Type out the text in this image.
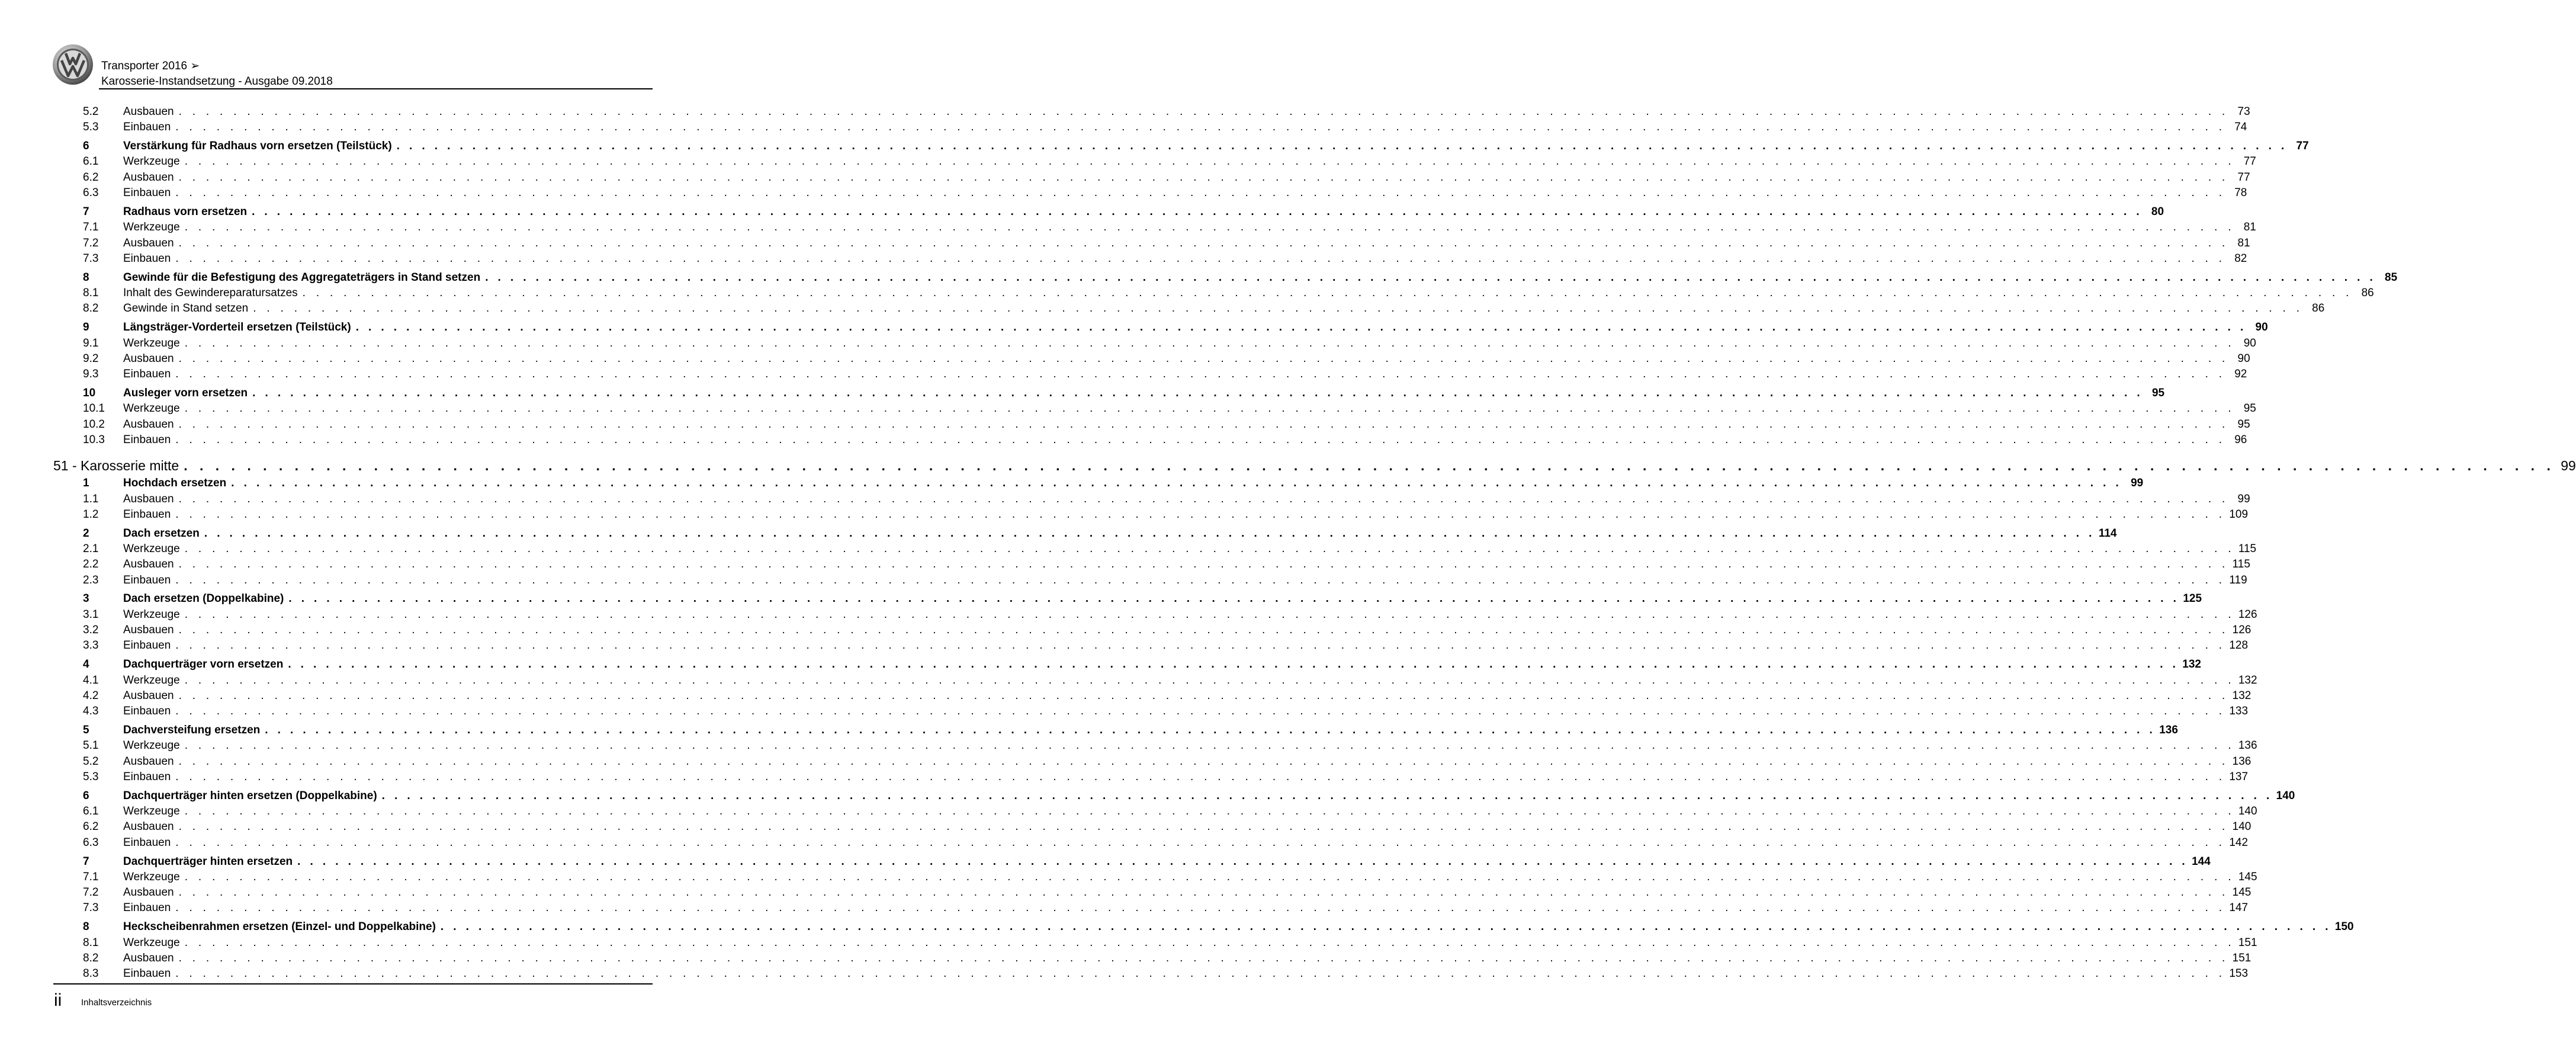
Transporter 2016 ➢
Karosserie-Instandsetzung - Ausgabe 09.2018
5.2	Ausbauen . . . . . . . . . . . . . . . . . . . . . . . . . . . . . . . . . . . . . . . . . . . . . . . . . . . . . . . . . . . . . . . . . . . . . . . . . . . . . . . . . . . . . . . . . . . . . . . . . . . . . . . . . . . . . . . . . . . . . . . . . . . . . . . . . . . . . . . . . . . . . . . . . . . . . . 73
5.3	Einbauen . . . . . . . . . . . . . . . . . . . . . . . . . . . . . . . . . . . . . . . . . . . . . . . . . . . . . . . . . . . . . . . . . . . . . . . . . . . . . . . . . . . . . . . . . . . . . . . . . . . . . . . . . . . . . . . . . . . . . . . . . . . . . . . . . . . . . . . . . . . . . . . . . . . . . . 74
6	Verstärkung für Radhaus vorn ersetzen (Teilstück) . . . . . . . . . . . . . . . . . . . . . . . . . . . . . . . . . . . . . . . . . . . . . . . . . . . . . . . . . . . . . . . . . . . . . . . . . . . . . . . . . . . . . . . . . . . . . . . . . . . . . . . . . . . . . . . . . . . . . . . . . . . . . . . . . . . . . . . . . . . . . . . . . . . . . . 77
6.1	Werkzeuge . . . . . . . . . . . . . . . . . . . . . . . . . . . . . . . . . . . . . . . . . . . . . . . . . . . . . . . . . . . . . . . . . . . . . . . . . . . . . . . . . . . . . . . . . . . . . . . . . . . . . . . . . . . . . . . . . . . . . . . . . . . . . . . . . . . . . . . . . . . . . . . . . . . . . . 77
6.2	Ausbauen . . . . . . . . . . . . . . . . . . . . . . . . . . . . . . . . . . . . . . . . . . . . . . . . . . . . . . . . . . . . . . . . . . . . . . . . . . . . . . . . . . . . . . . . . . . . . . . . . . . . . . . . . . . . . . . . . . . . . . . . . . . . . . . . . . . . . . . . . . . . . . . . . . . . . . 77
6.3	Einbauen . . . . . . . . . . . . . . . . . . . . . . . . . . . . . . . . . . . . . . . . . . . . . . . . . . . . . . . . . . . . . . . . . . . . . . . . . . . . . . . . . . . . . . . . . . . . . . . . . . . . . . . . . . . . . . . . . . . . . . . . . . . . . . . . . . . . . . . . . . . . . . . . . . . . . . 78
7	Radhaus vorn ersetzen . . . . . . . . . . . . . . . . . . . . . . . . . . . . . . . . . . . . . . . . . . . . . . . . . . . . . . . . . . . . . . . . . . . . . . . . . . . . . . . . . . . . . . . . . . . . . . . . . . . . . . . . . . . . . . . . . . . . . . . . . . . . . . . . . . . . . . . . . . . . . . . . . . . . . . 80
7.1	Werkzeuge . . . . . . . . . . . . . . . . . . . . . . . . . . . . . . . . . . . . . . . . . . . . . . . . . . . . . . . . . . . . . . . . . . . . . . . . . . . . . . . . . . . . . . . . . . . . . . . . . . . . . . . . . . . . . . . . . . . . . . . . . . . . . . . . . . . . . . . . . . . . . . . . . . . . . . 81
7.2	Ausbauen . . . . . . . . . . . . . . . . . . . . . . . . . . . . . . . . . . . . . . . . . . . . . . . . . . . . . . . . . . . . . . . . . . . . . . . . . . . . . . . . . . . . . . . . . . . . . . . . . . . . . . . . . . . . . . . . . . . . . . . . . . . . . . . . . . . . . . . . . . . . . . . . . . . . . . 81
7.3	Einbauen . . . . . . . . . . . . . . . . . . . . . . . . . . . . . . . . . . . . . . . . . . . . . . . . . . . . . . . . . . . . . . . . . . . . . . . . . . . . . . . . . . . . . . . . . . . . . . . . . . . . . . . . . . . . . . . . . . . . . . . . . . . . . . . . . . . . . . . . . . . . . . . . . . . . . . 82
8	Gewinde für die Befestigung des Aggregateträgers in Stand setzen . . . . . . . . . . . . . . . . . . . . . . . . . . . . . . . . . . . . . . . . . . . . . . . . . . . . . . . . . . . . . . . . . . . . . . . . . . . . . . . . . . . . . . . . . . . . . . . . . . . . . . . . . . . . . . . . . . . . . . . . . . . . . . . . . . . . . . . . . . . . . . . . . . . . . . 85
8.1	Inhalt des Gewindereparatursatzes . . . . . . . . . . . . . . . . . . . . . . . . . . . . . . . . . . . . . . . . . . . . . . . . . . . . . . . . . . . . . . . . . . . . . . . . . . . . . . . . . . . . . . . . . . . . . . . . . . . . . . . . . . . . . . . . . . . . . . . . . . . . . . . . . . . . . . . . . . . . . . . . . . . . . . 86
8.2	Gewinde in Stand setzen . . . . . . . . . . . . . . . . . . . . . . . . . . . . . . . . . . . . . . . . . . . . . . . . . . . . . . . . . . . . . . . . . . . . . . . . . . . . . . . . . . . . . . . . . . . . . . . . . . . . . . . . . . . . . . . . . . . . . . . . . . . . . . . . . . . . . . . . . . . . . . . . . . . . . . 86
9	Längsträger-Vorderteil ersetzen (Teilstück) . . . . . . . . . . . . . . . . . . . . . . . . . . . . . . . . . . . . . . . . . . . . . . . . . . . . . . . . . . . . . . . . . . . . . . . . . . . . . . . . . . . . . . . . . . . . . . . . . . . . . . . . . . . . . . . . . . . . . . . . . . . . . . . . . . . . . . . . . . . . . . . . . . . . . . 90
9.1	Werkzeuge . . . . . . . . . . . . . . . . . . . . . . . . . . . . . . . . . . . . . . . . . . . . . . . . . . . . . . . . . . . . . . . . . . . . . . . . . . . . . . . . . . . . . . . . . . . . . . . . . . . . . . . . . . . . . . . . . . . . . . . . . . . . . . . . . . . . . . . . . . . . . . . . . . . . . . 90
9.2	Ausbauen . . . . . . . . . . . . . . . . . . . . . . . . . . . . . . . . . . . . . . . . . . . . . . . . . . . . . . . . . . . . . . . . . . . . . . . . . . . . . . . . . . . . . . . . . . . . . . . . . . . . . . . . . . . . . . . . . . . . . . . . . . . . . . . . . . . . . . . . . . . . . . . . . . . . . . 90
9.3	Einbauen . . . . . . . . . . . . . . . . . . . . . . . . . . . . . . . . . . . . . . . . . . . . . . . . . . . . . . . . . . . . . . . . . . . . . . . . . . . . . . . . . . . . . . . . . . . . . . . . . . . . . . . . . . . . . . . . . . . . . . . . . . . . . . . . . . . . . . . . . . . . . . . . . . . . . . 92
10	Ausleger vorn ersetzen . . . . . . . . . . . . . . . . . . . . . . . . . . . . . . . . . . . . . . . . . . . . . . . . . . . . . . . . . . . . . . . . . . . . . . . . . . . . . . . . . . . . . . . . . . . . . . . . . . . . . . . . . . . . . . . . . . . . . . . . . . . . . . . . . . . . . . . . . . . . . . . . . . . . . . 95
10.1	Werkzeuge . . . . . . . . . . . . . . . . . . . . . . . . . . . . . . . . . . . . . . . . . . . . . . . . . . . . . . . . . . . . . . . . . . . . . . . . . . . . . . . . . . . . . . . . . . . . . . . . . . . . . . . . . . . . . . . . . . . . . . . . . . . . . . . . . . . . . . . . . . . . . . . . . . . . . . 95
10.2	Ausbauen . . . . . . . . . . . . . . . . . . . . . . . . . . . . . . . . . . . . . . . . . . . . . . . . . . . . . . . . . . . . . . . . . . . . . . . . . . . . . . . . . . . . . . . . . . . . . . . . . . . . . . . . . . . . . . . . . . . . . . . . . . . . . . . . . . . . . . . . . . . . . . . . . . . . . . 95
10.3	Einbauen . . . . . . . . . . . . . . . . . . . . . . . . . . . . . . . . . . . . . . . . . . . . . . . . . . . . . . . . . . . . . . . . . . . . . . . . . . . . . . . . . . . . . . . . . . . . . . . . . . . . . . . . . . . . . . . . . . . . . . . . . . . . . . . . . . . . . . . . . . . . . . . . . . . . . . 96
51 - Karosserie mitte . . . . . . . . . . . . . . . . . . . . . . . . . . . . . . . . . . . . . . . . . . . . . . . . . . . . . . . . . . . . . . . . . . . . . . . . . . . . . . . . . . . . . . . . . . . . . . . . . . . . . . . . . . . . . . . . . . . . . . . . . . . . . . . . . . . . . . . . . . . . . . . . . . . . . . 99
1	Hochdach ersetzen . . . . . . . . . . . . . . . . . . . . . . . . . . . . . . . . . . . . . . . . . . . . . . . . . . . . . . . . . . . . . . . . . . . . . . . . . . . . . . . . . . . . . . . . . . . . . . . . . . . . . . . . . . . . . . . . . . . . . . . . . . . . . . . . . . . . . . . . . . . . . . . . . . . . . . 99
1.1	Ausbauen . . . . . . . . . . . . . . . . . . . . . . . . . . . . . . . . . . . . . . . . . . . . . . . . . . . . . . . . . . . . . . . . . . . . . . . . . . . . . . . . . . . . . . . . . . . . . . . . . . . . . . . . . . . . . . . . . . . . . . . . . . . . . . . . . . . . . . . . . . . . . . . . . . . . . . 99
1.2	Einbauen . . . . . . . . . . . . . . . . . . . . . . . . . . . . . . . . . . . . . . . . . . . . . . . . . . . . . . . . . . . . . . . . . . . . . . . . . . . . . . . . . . . . . . . . . . . . . . . . . . . . . . . . . . . . . . . . . . . . . . . . . . . . . . . . . . . . . . . . . . . . . . . . . . . . . . 109
2	Dach ersetzen . . . . . . . . . . . . . . . . . . . . . . . . . . . . . . . . . . . . . . . . . . . . . . . . . . . . . . . . . . . . . . . . . . . . . . . . . . . . . . . . . . . . . . . . . . . . . . . . . . . . . . . . . . . . . . . . . . . . . . . . . . . . . . . . . . . . . . . . . . . . . . . . . . . . . . 114
2.1	Werkzeuge . . . . . . . . . . . . . . . . . . . . . . . . . . . . . . . . . . . . . . . . . . . . . . . . . . . . . . . . . . . . . . . . . . . . . . . . . . . . . . . . . . . . . . . . . . . . . . . . . . . . . . . . . . . . . . . . . . . . . . . . . . . . . . . . . . . . . . . . . . . . . . . . . . . . . . 115
2.2	Ausbauen . . . . . . . . . . . . . . . . . . . . . . . . . . . . . . . . . . . . . . . . . . . . . . . . . . . . . . . . . . . . . . . . . . . . . . . . . . . . . . . . . . . . . . . . . . . . . . . . . . . . . . . . . . . . . . . . . . . . . . . . . . . . . . . . . . . . . . . . . . . . . . . . . . . . . . 115
2.3	Einbauen . . . . . . . . . . . . . . . . . . . . . . . . . . . . . . . . . . . . . . . . . . . . . . . . . . . . . . . . . . . . . . . . . . . . . . . . . . . . . . . . . . . . . . . . . . . . . . . . . . . . . . . . . . . . . . . . . . . . . . . . . . . . . . . . . . . . . . . . . . . . . . . . . . . . . . 119
3	Dach ersetzen (Doppelkabine) . . . . . . . . . . . . . . . . . . . . . . . . . . . . . . . . . . . . . . . . . . . . . . . . . . . . . . . . . . . . . . . . . . . . . . . . . . . . . . . . . . . . . . . . . . . . . . . . . . . . . . . . . . . . . . . . . . . . . . . . . . . . . . . . . . . . . . . . . . . . . . . . . . . . . . 125
3.1	Werkzeuge . . . . . . . . . . . . . . . . . . . . . . . . . . . . . . . . . . . . . . . . . . . . . . . . . . . . . . . . . . . . . . . . . . . . . . . . . . . . . . . . . . . . . . . . . . . . . . . . . . . . . . . . . . . . . . . . . . . . . . . . . . . . . . . . . . . . . . . . . . . . . . . . . . . . . . 126
3.2	Ausbauen . . . . . . . . . . . . . . . . . . . . . . . . . . . . . . . . . . . . . . . . . . . . . . . . . . . . . . . . . . . . . . . . . . . . . . . . . . . . . . . . . . . . . . . . . . . . . . . . . . . . . . . . . . . . . . . . . . . . . . . . . . . . . . . . . . . . . . . . . . . . . . . . . . . . . . 126
3.3	Einbauen . . . . . . . . . . . . . . . . . . . . . . . . . . . . . . . . . . . . . . . . . . . . . . . . . . . . . . . . . . . . . . . . . . . . . . . . . . . . . . . . . . . . . . . . . . . . . . . . . . . . . . . . . . . . . . . . . . . . . . . . . . . . . . . . . . . . . . . . . . . . . . . . . . . . . . 128
4	Dachquerträger vorn ersetzen . . . . . . . . . . . . . . . . . . . . . . . . . . . . . . . . . . . . . . . . . . . . . . . . . . . . . . . . . . . . . . . . . . . . . . . . . . . . . . . . . . . . . . . . . . . . . . . . . . . . . . . . . . . . . . . . . . . . . . . . . . . . . . . . . . . . . . . . . . . . . . . . . . . . . . 132
4.1	Werkzeuge . . . . . . . . . . . . . . . . . . . . . . . . . . . . . . . . . . . . . . . . . . . . . . . . . . . . . . . . . . . . . . . . . . . . . . . . . . . . . . . . . . . . . . . . . . . . . . . . . . . . . . . . . . . . . . . . . . . . . . . . . . . . . . . . . . . . . . . . . . . . . . . . . . . . . . 132
4.2	Ausbauen . . . . . . . . . . . . . . . . . . . . . . . . . . . . . . . . . . . . . . . . . . . . . . . . . . . . . . . . . . . . . . . . . . . . . . . . . . . . . . . . . . . . . . . . . . . . . . . . . . . . . . . . . . . . . . . . . . . . . . . . . . . . . . . . . . . . . . . . . . . . . . . . . . . . . . 132
4.3	Einbauen . . . . . . . . . . . . . . . . . . . . . . . . . . . . . . . . . . . . . . . . . . . . . . . . . . . . . . . . . . . . . . . . . . . . . . . . . . . . . . . . . . . . . . . . . . . . . . . . . . . . . . . . . . . . . . . . . . . . . . . . . . . . . . . . . . . . . . . . . . . . . . . . . . . . . . 133
5	Dachversteifung ersetzen . . . . . . . . . . . . . . . . . . . . . . . . . . . . . . . . . . . . . . . . . . . . . . . . . . . . . . . . . . . . . . . . . . . . . . . . . . . . . . . . . . . . . . . . . . . . . . . . . . . . . . . . . . . . . . . . . . . . . . . . . . . . . . . . . . . . . . . . . . . . . . . . . . . . . . 136
5.1	Werkzeuge . . . . . . . . . . . . . . . . . . . . . . . . . . . . . . . . . . . . . . . . . . . . . . . . . . . . . . . . . . . . . . . . . . . . . . . . . . . . . . . . . . . . . . . . . . . . . . . . . . . . . . . . . . . . . . . . . . . . . . . . . . . . . . . . . . . . . . . . . . . . . . . . . . . . . . 136
5.2	Ausbauen . . . . . . . . . . . . . . . . . . . . . . . . . . . . . . . . . . . . . . . . . . . . . . . . . . . . . . . . . . . . . . . . . . . . . . . . . . . . . . . . . . . . . . . . . . . . . . . . . . . . . . . . . . . . . . . . . . . . . . . . . . . . . . . . . . . . . . . . . . . . . . . . . . . . . . 136
5.3	Einbauen . . . . . . . . . . . . . . . . . . . . . . . . . . . . . . . . . . . . . . . . . . . . . . . . . . . . . . . . . . . . . . . . . . . . . . . . . . . . . . . . . . . . . . . . . . . . . . . . . . . . . . . . . . . . . . . . . . . . . . . . . . . . . . . . . . . . . . . . . . . . . . . . . . . . . . 137
6	Dachquerträger hinten ersetzen (Doppelkabine) . . . . . . . . . . . . . . . . . . . . . . . . . . . . . . . . . . . . . . . . . . . . . . . . . . . . . . . . . . . . . . . . . . . . . . . . . . . . . . . . . . . . . . . . . . . . . . . . . . . . . . . . . . . . . . . . . . . . . . . . . . . . . . . . . . . . . . . . . . . . . . . . . . . . . . 140
6.1	Werkzeuge . . . . . . . . . . . . . . . . . . . . . . . . . . . . . . . . . . . . . . . . . . . . . . . . . . . . . . . . . . . . . . . . . . . . . . . . . . . . . . . . . . . . . . . . . . . . . . . . . . . . . . . . . . . . . . . . . . . . . . . . . . . . . . . . . . . . . . . . . . . . . . . . . . . . . . 140
6.2	Ausbauen . . . . . . . . . . . . . . . . . . . . . . . . . . . . . . . . . . . . . . . . . . . . . . . . . . . . . . . . . . . . . . . . . . . . . . . . . . . . . . . . . . . . . . . . . . . . . . . . . . . . . . . . . . . . . . . . . . . . . . . . . . . . . . . . . . . . . . . . . . . . . . . . . . . . . . 140
6.3	Einbauen . . . . . . . . . . . . . . . . . . . . . . . . . . . . . . . . . . . . . . . . . . . . . . . . . . . . . . . . . . . . . . . . . . . . . . . . . . . . . . . . . . . . . . . . . . . . . . . . . . . . . . . . . . . . . . . . . . . . . . . . . . . . . . . . . . . . . . . . . . . . . . . . . . . . . . 142
7	Dachquerträger hinten ersetzen . . . . . . . . . . . . . . . . . . . . . . . . . . . . . . . . . . . . . . . . . . . . . . . . . . . . . . . . . . . . . . . . . . . . . . . . . . . . . . . . . . . . . . . . . . . . . . . . . . . . . . . . . . . . . . . . . . . . . . . . . . . . . . . . . . . . . . . . . . . . . . . . . . . . . . 144
7.1	Werkzeuge . . . . . . . . . . . . . . . . . . . . . . . . . . . . . . . . . . . . . . . . . . . . . . . . . . . . . . . . . . . . . . . . . . . . . . . . . . . . . . . . . . . . . . . . . . . . . . . . . . . . . . . . . . . . . . . . . . . . . . . . . . . . . . . . . . . . . . . . . . . . . . . . . . . . . . 145
7.2	Ausbauen . . . . . . . . . . . . . . . . . . . . . . . . . . . . . . . . . . . . . . . . . . . . . . . . . . . . . . . . . . . . . . . . . . . . . . . . . . . . . . . . . . . . . . . . . . . . . . . . . . . . . . . . . . . . . . . . . . . . . . . . . . . . . . . . . . . . . . . . . . . . . . . . . . . . . . 145
7.3	Einbauen . . . . . . . . . . . . . . . . . . . . . . . . . . . . . . . . . . . . . . . . . . . . . . . . . . . . . . . . . . . . . . . . . . . . . . . . . . . . . . . . . . . . . . . . . . . . . . . . . . . . . . . . . . . . . . . . . . . . . . . . . . . . . . . . . . . . . . . . . . . . . . . . . . . . . . 147
8	Heckscheibenrahmen ersetzen (Einzel- und Doppelkabine) . . . . . . . . . . . . . . . . . . . . . . . . . . . . . . . . . . . . . . . . . . . . . . . . . . . . . . . . . . . . . . . . . . . . . . . . . . . . . . . . . . . . . . . . . . . . . . . . . . . . . . . . . . . . . . . . . . . . . . . . . . . . . . . . . . . . . . . . . . . . . . . . . . . . . . 150
8.1	Werkzeuge . . . . . . . . . . . . . . . . . . . . . . . . . . . . . . . . . . . . . . . . . . . . . . . . . . . . . . . . . . . . . . . . . . . . . . . . . . . . . . . . . . . . . . . . . . . . . . . . . . . . . . . . . . . . . . . . . . . . . . . . . . . . . . . . . . . . . . . . . . . . . . . . . . . . . . 151
8.2	Ausbauen . . . . . . . . . . . . . . . . . . . . . . . . . . . . . . . . . . . . . . . . . . . . . . . . . . . . . . . . . . . . . . . . . . . . . . . . . . . . . . . . . . . . . . . . . . . . . . . . . . . . . . . . . . . . . . . . . . . . . . . . . . . . . . . . . . . . . . . . . . . . . . . . . . . . . . 151
8.3	Einbauen . . . . . . . . . . . . . . . . . . . . . . . . . . . . . . . . . . . . . . . . . . . . . . . . . . . . . . . . . . . . . . . . . . . . . . . . . . . . . . . . . . . . . . . . . . . . . . . . . . . . . . . . . . . . . . . . . . . . . . . . . . . . . . . . . . . . . . . . . . . . . . . . . . . . . . 153
ii Inhaltsverzeichnis
